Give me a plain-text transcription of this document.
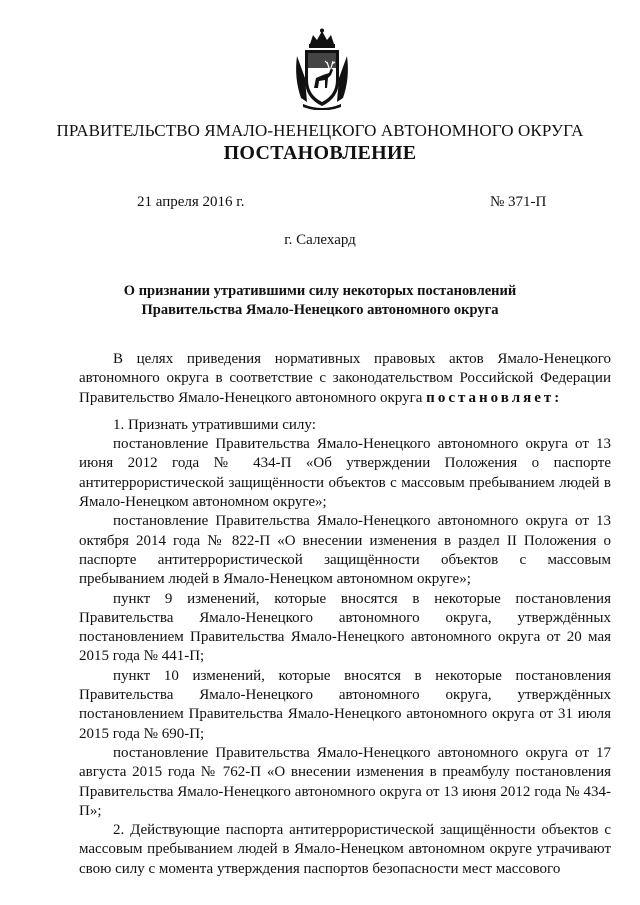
ПРАВИТЕЛЬСТВО ЯМАЛО-НЕНЕЦКОГО АВТОНОМНОГО ОКРУГА
ПОСТАНОВЛЕНИЕ
21 апреля 2016 г.	№ 371-П
г. Салехард
О признании утратившими силу некоторых постановлений
Правительства Ямало-Ненецкого автономного округа

В целях приведения нормативных правовых актов Ямало-Ненецкого автономного округа в соответствие с законодательством Российской Федерации Правительство Ямало-Ненецкого автономного округа постановляет:

1. Признать утратившими силу:

постановление Правительства Ямало-Ненецкого автономного округа от 13 июня 2012 года № 434-П «Об утверждении Положения о паспорте антитеррористической защищённости объектов с массовым пребыванием людей в Ямало-Ненецком автономном округе»;

постановление Правительства Ямало-Ненецкого автономного округа от 13 октября 2014 года № 822-П «О внесении изменения в раздел II Положения о паспорте антитеррористической защищённости объектов с массовым пребыванием людей в Ямало-Ненецком автономном округе»;

пункт 9 изменений, которые вносятся в некоторые постановления Правительства Ямало-Ненецкого автономного округа, утверждённых постановлением Правительства Ямало-Ненецкого автономного округа от 20 мая 2015 года № 441-П;

пункт 10 изменений, которые вносятся в некоторые постановления Правительства Ямало-Ненецкого автономного округа, утверждённых постановлением Правительства Ямало-Ненецкого автономного округа от 31 июля 2015 года № 690-П;

постановление Правительства Ямало-Ненецкого автономного округа от 17 августа 2015 года № 762-П «О внесении изменения в преамбулу постановления Правительства Ямало-Ненецкого автономного округа от 13 июня 2012 года № 434-П»;

2. Действующие паспорта антитеррористической защищённости объектов с массовым пребыванием людей в Ямало-Ненецком автономном округе утрачивают свою силу с момента утверждения паспортов безопасности мест массового
